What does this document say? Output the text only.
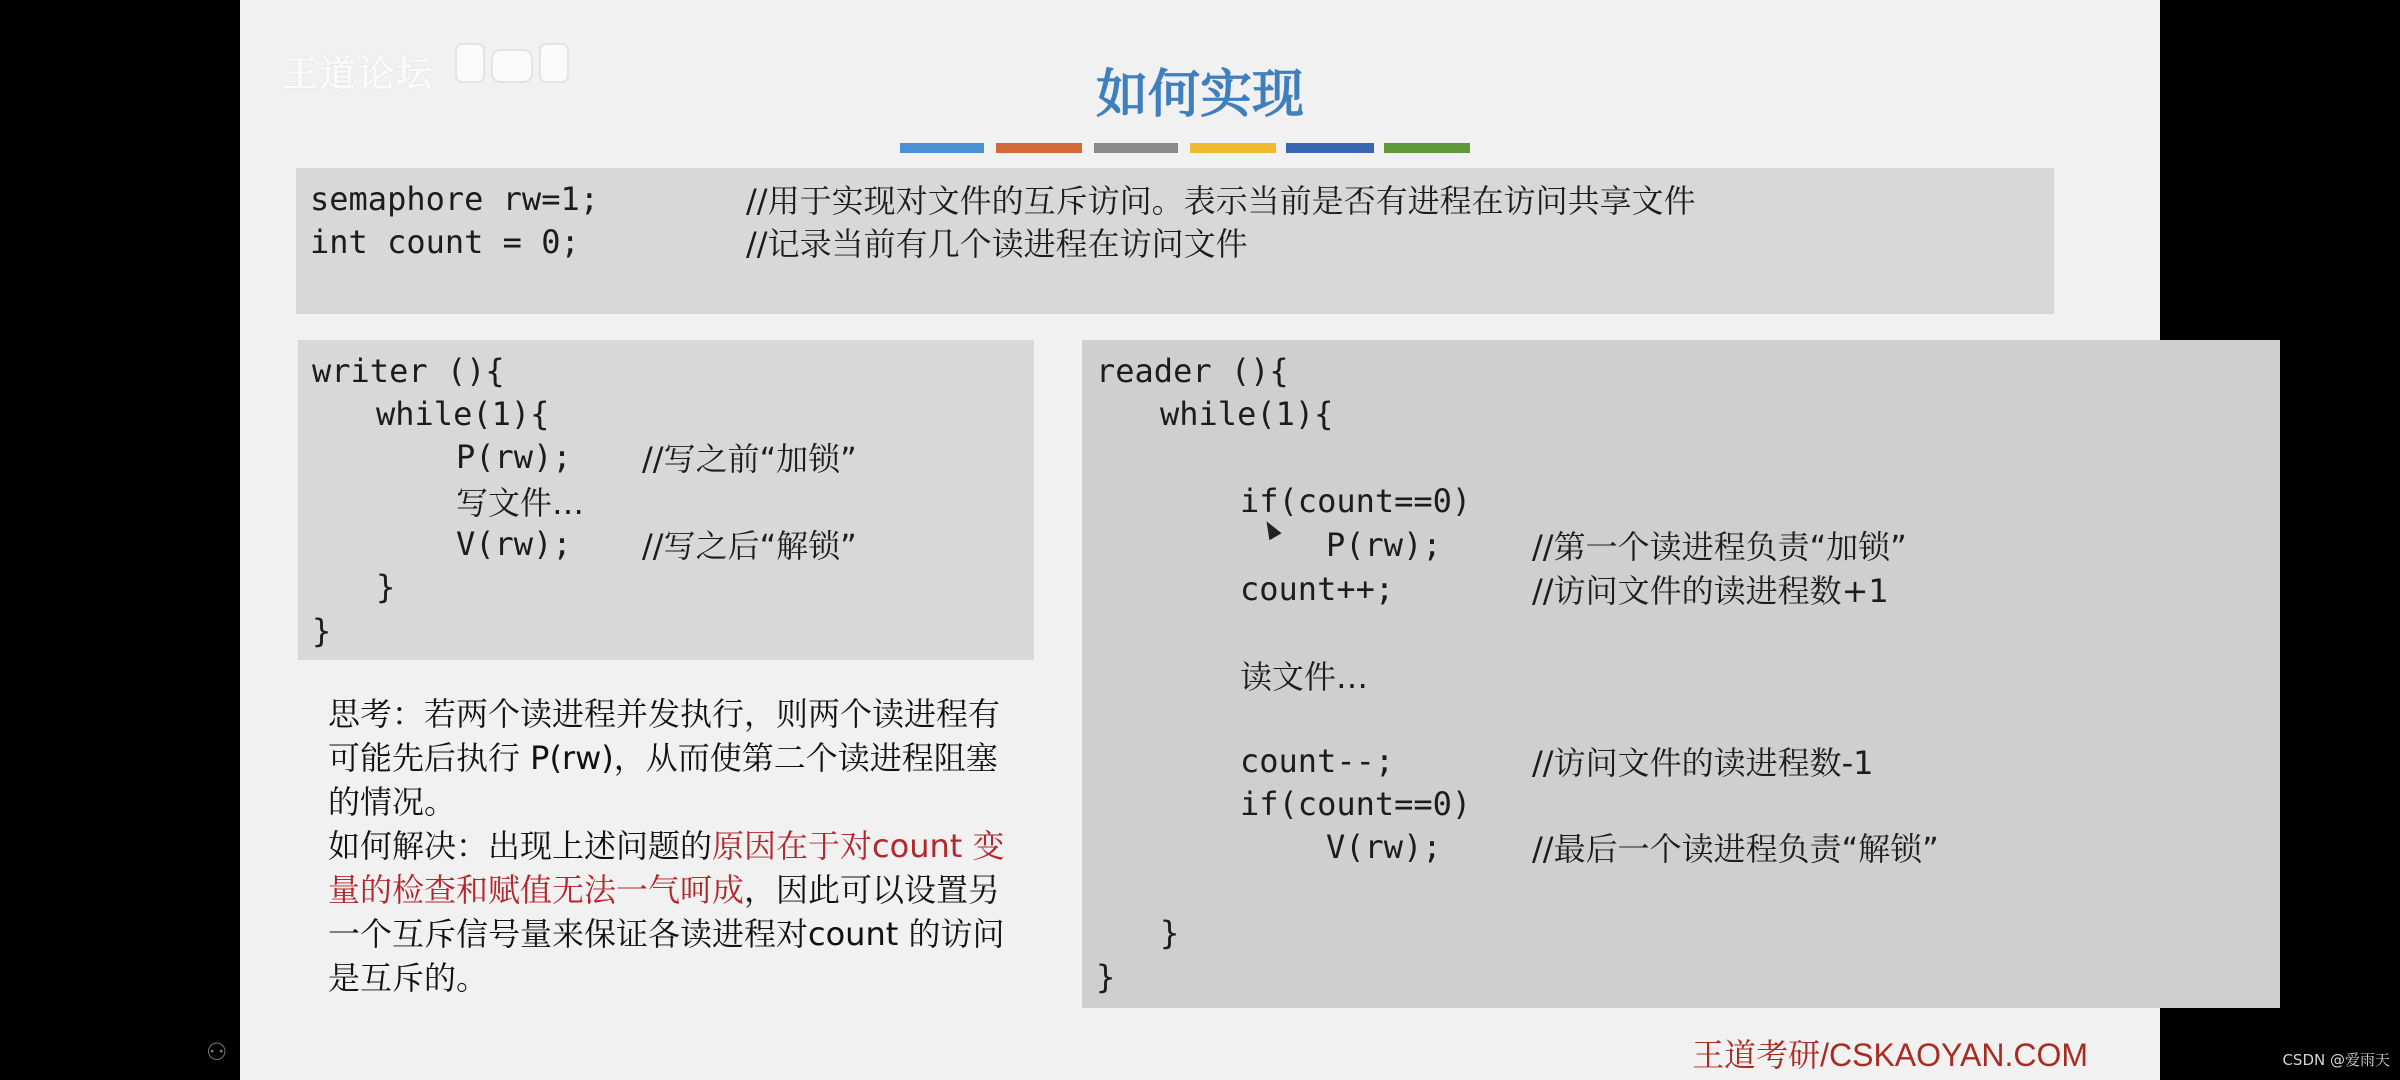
王道论坛	如何实现
semaphore rw=1;	//用于实现对文件的互斥访问。表示当前是否有进程在访问共享文件
int count = 0;	//记录当前有几个读进程在访问文件
writer (){
while(1){
P(rw); //写之前“加锁”
写文件…
V(rw); //写之后“解锁”
}
}

思考：若两个读进程并发执行，则两个读进程有可能先后执行 P(rw)，从而使第二个读进程阻塞的情况。

如何解决：出现上述问题的原因在于对count 变量的检查和赋值无法一气呵成，因此可以设置另一个互斥信号量来保证各读进程对count 的访问是互斥的。

reader (){
while(1){
if(count==0)
P(rw);	//第一个读进程负责“加锁”
count++;	//访问文件的读进程数+1
读文件…
count--;	//访问文件的读进程数-1
if(count==0)
V(rw);	//最后一个读进程负责“解锁”
}
}
王道考研/CSKAOYAN.COM
⚇	CSDN @爱雨天
